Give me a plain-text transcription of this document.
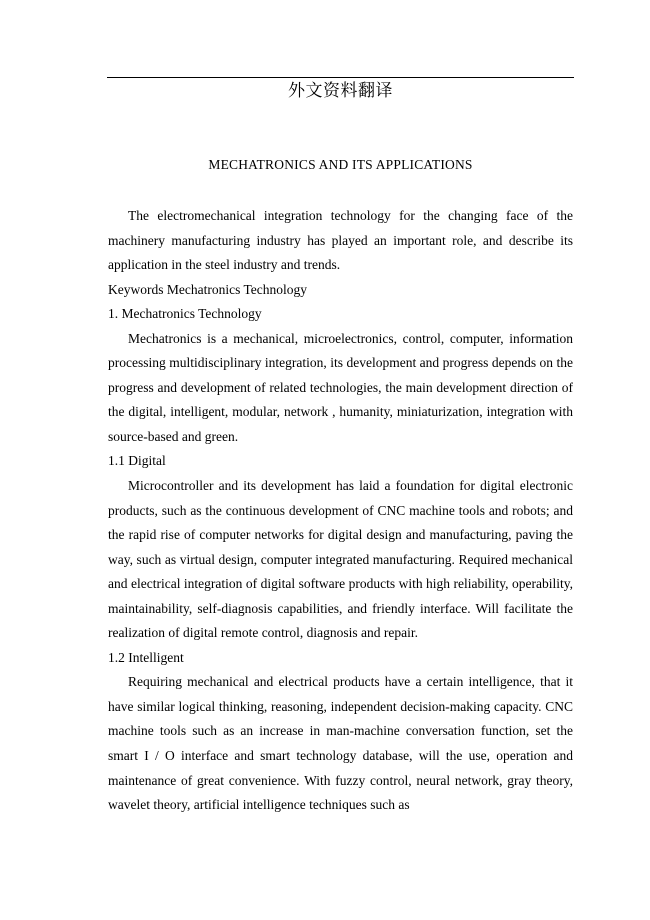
外文资料翻译
MECHATRONICS AND ITS APPLICATIONS

The electromechanical integration technology for the changing face of the machinery manufacturing industry has played an important role, and describe its application in the steel industry and trends.

Keywords Mechatronics Technology

1. Mechatronics Technology

Mechatronics is a mechanical, microelectronics, control, computer, information processing multidisciplinary integration, its development and progress depends on the progress and development of related technologies, the main development direction of the digital, intelligent, modular, network , humanity, miniaturization, integration with source-based and green.

1.1 Digital

Microcontroller and its development has laid a foundation for digital electronic products, such as the continuous development of CNC machine tools and robots; and the rapid rise of computer networks for digital design and manufacturing, paving the way, such as virtual design, computer integrated manufacturing. Required mechanical and electrical integration of digital software products with high reliability, operability, maintainability, self-diagnosis capabilities, and friendly interface. Will facilitate the realization of digital remote control, diagnosis and repair.

1.2 Intelligent

Requiring mechanical and electrical products have a certain intelligence, that it have similar logical thinking, reasoning, independent decision-making capacity. CNC machine tools such as an increase in man-machine conversation function, set the smart I / O interface and smart technology database, will the use, operation and maintenance of great convenience. With fuzzy control, neural network, gray theory, wavelet theory, artificial intelligence techniques such as
